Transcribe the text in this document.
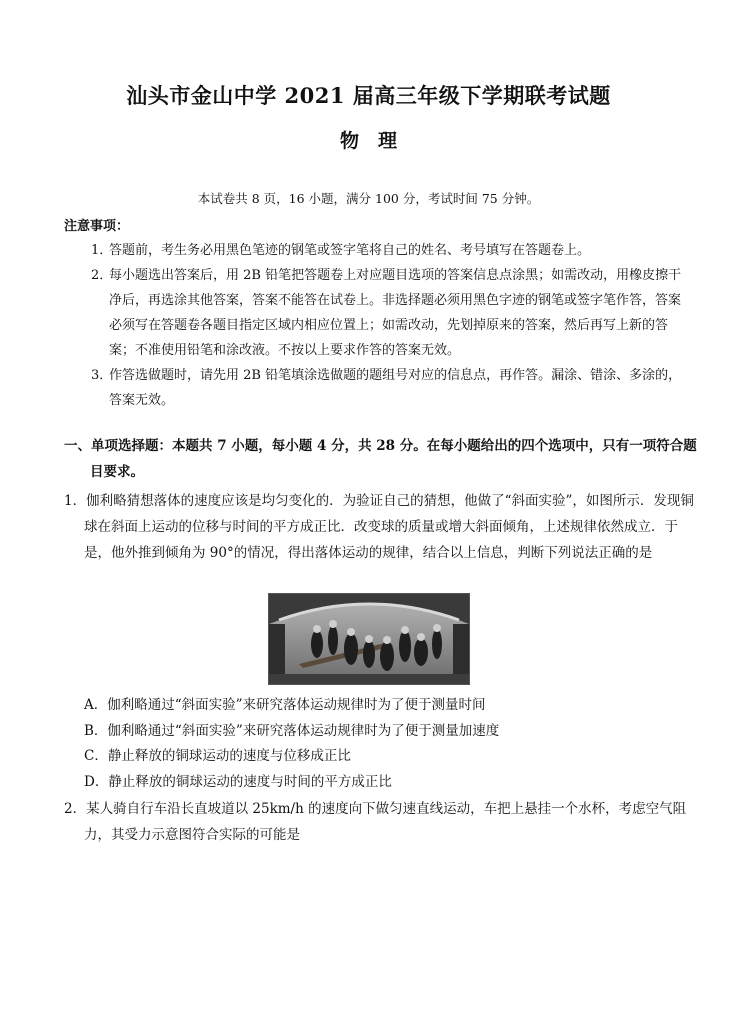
汕头市金山中学 2021 届高三年级下学期联考试题
物　理
本试卷共 8 页，16 小题，满分 100 分，考试时间 75 分钟。
注意事项：
1．
答题前，考生务必用黑色笔迹的钢笔或签字笔将自己的姓名、考号填写在答题卷上。
2．
每小题选出答案后，用 2B 铅笔把答题卷上对应题目选项的答案信息点涂黑；如需改动，用橡皮擦干净后，再选涂其他答案，答案不能答在试卷上。非选择题必须用黑色字迹的钢笔或签字笔作答，答案必须写在答题卷各题目指定区域内相应位置上；如需改动，先划掉原来的答案，然后再写上新的答案；不准使用铅笔和涂改液。不按以上要求作答的答案无效。
3．
作答选做题时，请先用 2B 铅笔填涂选做题的题组号对应的信息点，再作答。漏涂、错涂、多涂的，答案无效。
一、单项选择题：本题共 7 小题，每小题 4 分，共 28 分。在每小题给出的四个选项中，只有一项符合题目要求。
1．伽利略猜想落体的速度应该是均匀变化的．为验证自己的猜想，他做了“斜面实验”，如图所示．发现铜球在斜面上运动的位移与时间的平方成正比．改变球的质量或增大斜面倾角，上述规律依然成立．于是，他外推到倾角为 90°的情况，得出落体运动的规律，结合以上信息，判断下列说法正确的是
A．伽利略通过“斜面实验”来研究落体运动规律时为了便于测量时间
B．伽利略通过“斜面实验”来研究落体运动规律时为了便于测量加速度
C．静止释放的铜球运动的速度与位移成正比
D．静止释放的铜球运动的速度与时间的平方成正比
2．某人骑自行车沿长直坡道以 25km/h 的速度向下做匀速直线运动，车把上悬挂一个水杯，考虑空气阻力，其受力示意图符合实际的可能是
